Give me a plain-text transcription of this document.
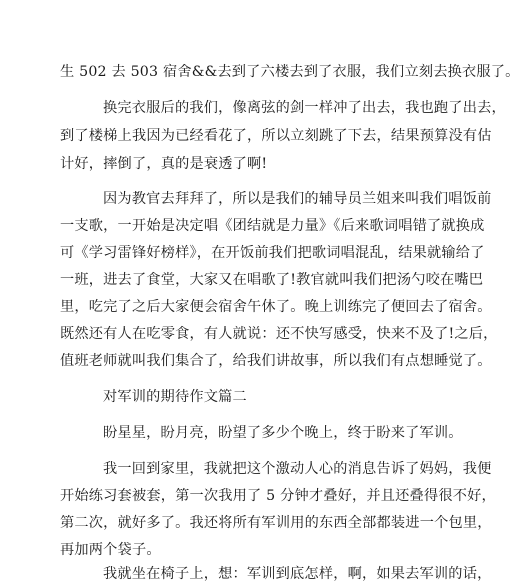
生 502 去 503 宿舍&&去到了六楼去到了衣服，我们立刻去换衣服了。
换完衣服后的我们，像离弦的剑一样冲了出去，我也跑了出去，
到了楼梯上我因为已经看花了，所以立刻跳了下去，结果预算没有估
计好，摔倒了，真的是衰透了啊!
因为教官去拜拜了，所以是我们的辅导员兰姐来叫我们唱饭前
一支歌，一开始是决定唱《团结就是力量》《后来歌词唱错了就换成
可《学习雷锋好榜样》，在开饭前我们把歌词唱混乱，结果就输给了
一班，进去了食堂，大家又在唱歌了!教官就叫我们把汤勺咬在嘴巴
里，吃完了之后大家便会宿舍午休了。晚上训练完了便回去了宿舍。
既然还有人在吃零食，有人就说：还不快写感受，快来不及了!之后，
值班老师就叫我们集合了，给我们讲故事，所以我们有点想睡觉了。
对军训的期待作文篇二
盼星星，盼月亮，盼望了多少个晚上，终于盼来了军训。
我一回到家里，我就把这个激动人心的消息告诉了妈妈，我便
开始练习套被套，第一次我用了 5 分钟才叠好，并且还叠得很不好，
第二次，就好多了。我还将所有军训用的东西全部都装进一个包里，
再加两个袋子。
我就坐在椅子上，想：军训到底怎样，啊，如果去军训的话，
